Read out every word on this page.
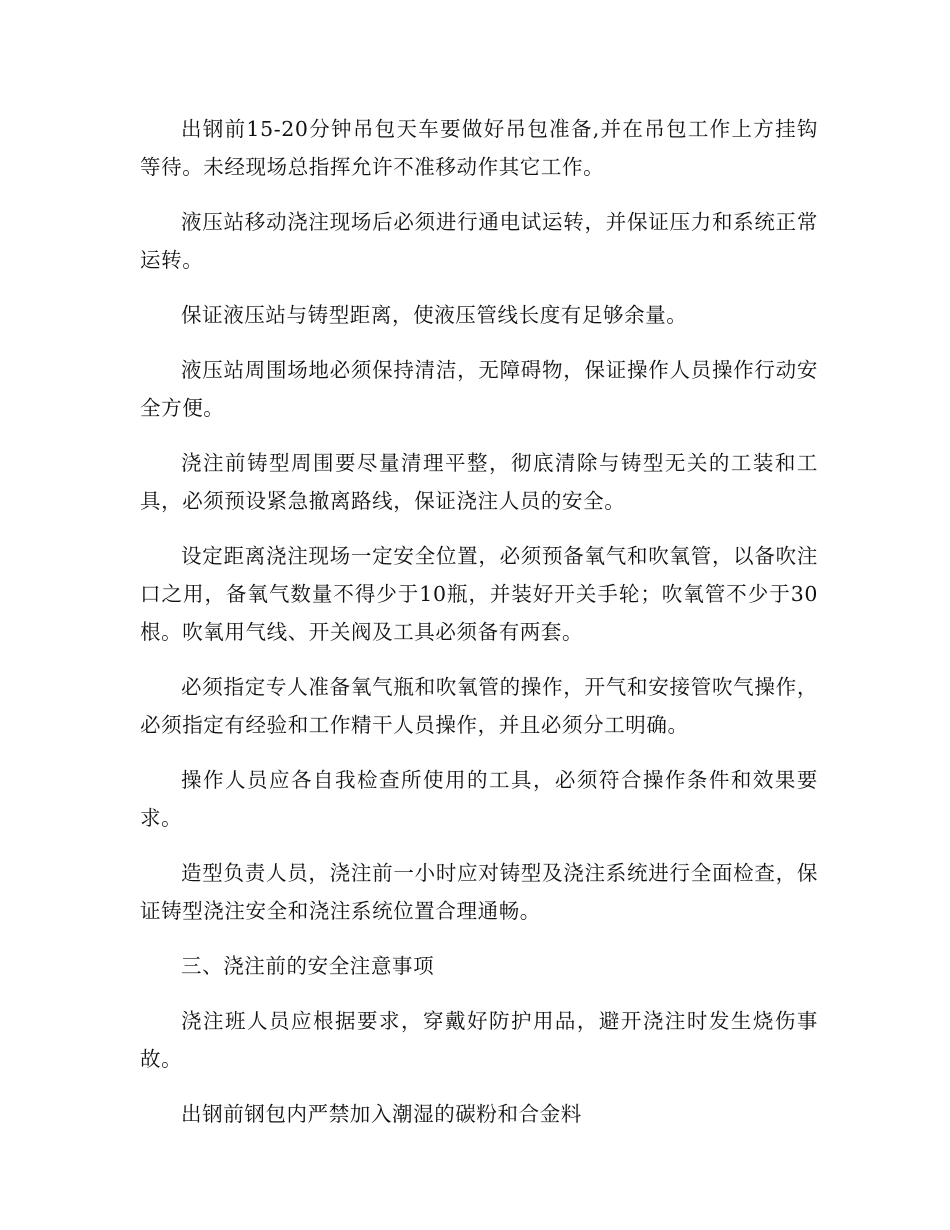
出钢前15-20分钟吊包天车要做好吊包准备,并在吊包工作上方挂钩等待。未经现场总指挥允许不准移动作其它工作。

液压站移动浇注现场后必须进行通电试运转，并保证压力和系统正常运转。

保证液压站与铸型距离，使液压管线长度有足够余量。

液压站周围场地必须保持清洁，无障碍物，保证操作人员操作行动安全方便。

浇注前铸型周围要尽量清理平整，彻底清除与铸型无关的工装和工具，必须预设紧急撤离路线，保证浇注人员的安全。

设定距离浇注现场一定安全位置，必须预备氧气和吹氧管，以备吹注口之用，备氧气数量不得少于10瓶，并装好开关手轮；吹氧管不少于30根。吹氧用气线、开关阀及工具必须备有两套。

必须指定专人准备氧气瓶和吹氧管的操作，开气和安接管吹气操作，必须指定有经验和工作精干人员操作，并且必须分工明确。

操作人员应各自我检查所使用的工具，必须符合操作条件和效果要求。

造型负责人员，浇注前一小时应对铸型及浇注系统进行全面检查，保证铸型浇注安全和浇注系统位置合理通畅。

三、浇注前的安全注意事项

浇注班人员应根据要求，穿戴好防护用品，避开浇注时发生烧伤事故。

出钢前钢包内严禁加入潮湿的碳粉和合金料
